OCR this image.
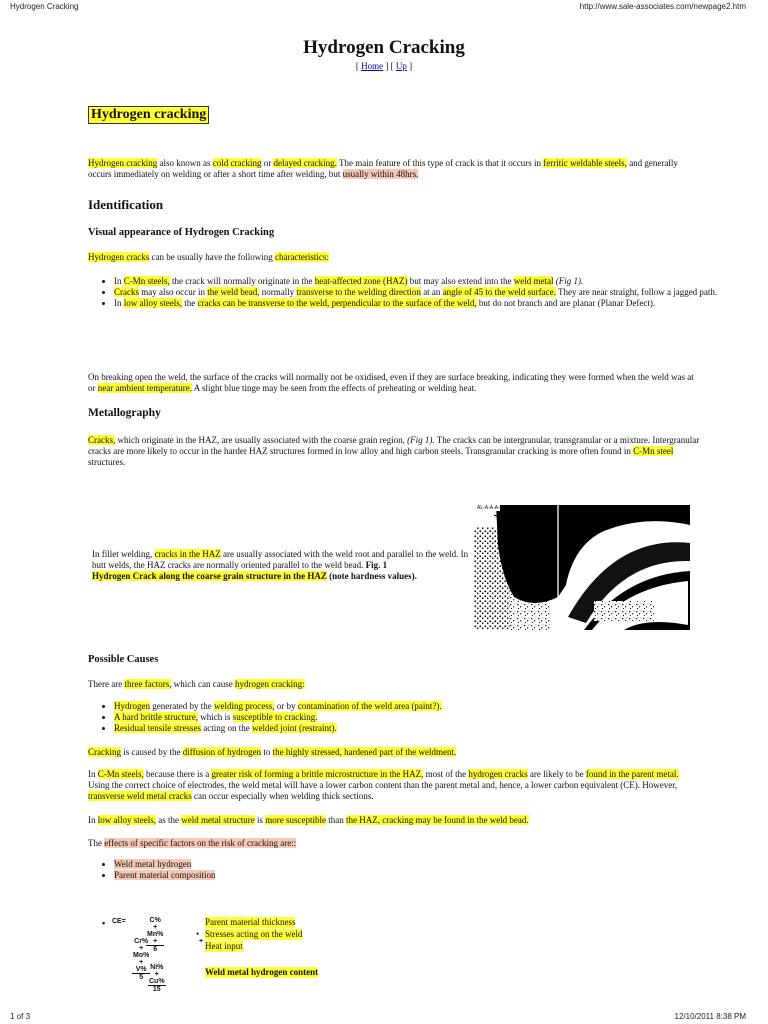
Hydrogen Cracking	http://www.sale-associates.com/newpage2.htm
1 of 3	12/10/2011 8:38 PM
Hydrogen Cracking
[ Home ] [ Up ]
Hydrogen cracking

Hydrogen cracking also known as cold cracking or delayed cracking. The main feature of this type of crack is that it occurs in ferritic weldable steels, and generally occurs immediately on welding or after a short time after welding, but usually within 48hrs.

Identification
Visual appearance of Hydrogen Cracking

Hydrogen cracks can be usually have the following characteristics:

• In C-Mn steels, the crack will normally originate in the heat-affected zone (HAZ) but may also extend into the weld metal (Fig 1).
• Cracks may also occur in the weld bead, normally transverse to the welding direction at an angle of 45 to the weld surface. They are near straight, follow a jagged path.
• In low alloy steels, the cracks can be transverse to the weld, perpendicular to the surface of the weld, but do not branch and are planar (Planar Defect).

On breaking open the weld, the surface of the cracks will normally not be oxidised, even if they are surface breaking, indicating they were formed when the weld was at or near ambient temperature. A slight blue tinge may be seen from the effects of preheating or welding heat.

Metallography

Cracks, which originate in the HAZ, are usually associated with the coarse grain region, (Fig 1). The cracks can be intergranular, transgranular or a mixture. Intergranular cracks are more likely to occur in the harder HAZ structures formed in low alloy and high carbon steels. Transgranular cracking is more often found in C-Mn steel structures.

In fillet welding, cracks in the HAZ are usually associated with the weld root and parallel to the weld. In butt welds, the HAZ cracks are normally oriented parallel to the weld bead. Fig. 1
Hydrogen Crack along the coarse grain structure in the HAZ (note hardness values).

AL-A-A-A-
Possible Causes

There are three factors, which can cause hydrogen cracking:

• Hydrogen generated by the welding process, or by contamination of the weld area (paint?).
• A hard brittle structure, which is susceptible to cracking.
• Residual tensile stresses acting on the welded joint (restraint).

Cracking is caused by the diffusion of hydrogen to the highly stressed, hardened part of the weldment.

In C-Mn steels, because there is a greater risk of forming a brittle microstructure in the HAZ, most of the hydrogen cracks are likely to be found in the parent metal. Using the correct choice of electrodes, the weld metal will have a lower carbon content than the parent metal and, hence, a lower carbon equivalent (CE). However, transverse weld metal cracks can occur especially when welding thick sections.

In low alloy steels, as the weld metal structure is more susceptible than the HAZ, cracking may be found in the weld bead.

The effects of specific factors on the risk of cracking are::

• Weld metal hydrogen
• Parent material composition
• CE=	$\frac{C\% + Mn\% +}{6}$
$\frac{Cr\% + Mo\% + V\%}{5}$	+
$\frac{Ni\% + Cu\%}{15}$
Parent material thickness
• Stresses acting on the weld
Heat input
Weld metal hydrogen content
